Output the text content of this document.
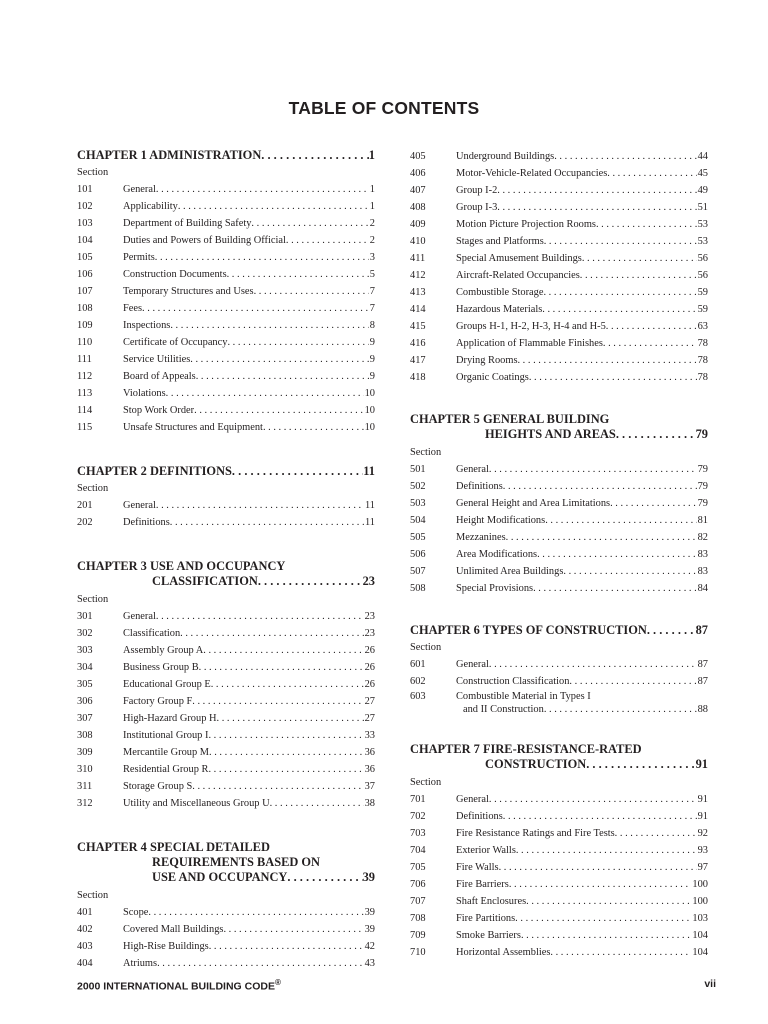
TABLE OF CONTENTS
CHAPTER 1 ADMINISTRATION . . .	1
Section
101	General . . .	1
102	Applicability . . .	1
103	Department of Building Safety . . .	2
104	Duties and Powers of Building Official . . .	2
105	Permits . . .	3
106	Construction Documents . . .	5
107	Temporary Structures and Uses . . .	7
108	Fees . . .	7
109	Inspections . . .	8
110	Certificate of Occupancy . . .	9
111	Service Utilities . . .	9
112	Board of Appeals . . .	9
113	Violations . . .	10
114	Stop Work Order . . .	10
115	Unsafe Structures and Equipment . . .	10
CHAPTER 2 DEFINITIONS . . .	11
Section
201	General . . .	11
202	Definitions . . .	11
CHAPTER 3 USE AND OCCUPANCY
CLASSIFICATION . . .	23
Section
301	General . . .	23
302	Classification . . .	23
303	Assembly Group A . . .	26
304	Business Group B . . .	26
305	Educational Group E . . .	26
306	Factory Group F . . .	27
307	High-Hazard Group H . . .	27
308	Institutional Group I . . .	33
309	Mercantile Group M . . .	36
310	Residential Group R . . .	36
311	Storage Group S . . .	37
312	Utility and Miscellaneous Group U . . .	38
CHAPTER 4 SPECIAL DETAILED
REQUIREMENTS BASED ON
USE AND OCCUPANCY . . .	39
Section
401	Scope . . .	39
402	Covered Mall Buildings . . .	39
403	High-Rise Buildings . . .	42
404	Atriums . . .	43
405	Underground Buildings . . .	44
406	Motor-Vehicle-Related Occupancies . . .	45
407	Group I-2 . . .	49
408	Group I-3 . . .	51
409	Motion Picture Projection Rooms . . .	53
410	Stages and Platforms . . .	53
411	Special Amusement Buildings . . .	56
412	Aircraft-Related Occupancies . . .	56
413	Combustible Storage . . .	59
414	Hazardous Materials . . .	59
415	Groups H-1, H-2, H-3, H-4 and H-5 . . .	63
416	Application of Flammable Finishes . . .	78
417	Drying Rooms . . .	78
418	Organic Coatings . . .	78
CHAPTER 5 GENERAL BUILDING
HEIGHTS AND AREAS . . .	79
Section
501	General . . .	79
502	Definitions . . .	79
503	General Height and Area Limitations . . .	79
504	Height Modifications . . .	81
505	Mezzanines . . .	82
506	Area Modifications . . .	83
507	Unlimited Area Buildings . . .	83
508	Special Provisions . . .	84
CHAPTER 6 TYPES OF CONSTRUCTION . . .	87
Section
601	General . . .	87
602	Construction Classification . . .	87
603	Combustible Material in Types I
and II Construction . . .	88
CHAPTER 7 FIRE-RESISTANCE-RATED
CONSTRUCTION . . .	91
Section
701	General . . .	91
702	Definitions . . .	91
703	Fire Resistance Ratings and Fire Tests . . .	92
704	Exterior Walls . . .	93
705	Fire Walls . . .	97
706	Fire Barriers . . .	100
707	Shaft Enclosures . . .	100
708	Fire Partitions . . .	103
709	Smoke Barriers . . .	104
710	Horizontal Assemblies . . .	104
2000 INTERNATIONAL BUILDING CODE®	vii
